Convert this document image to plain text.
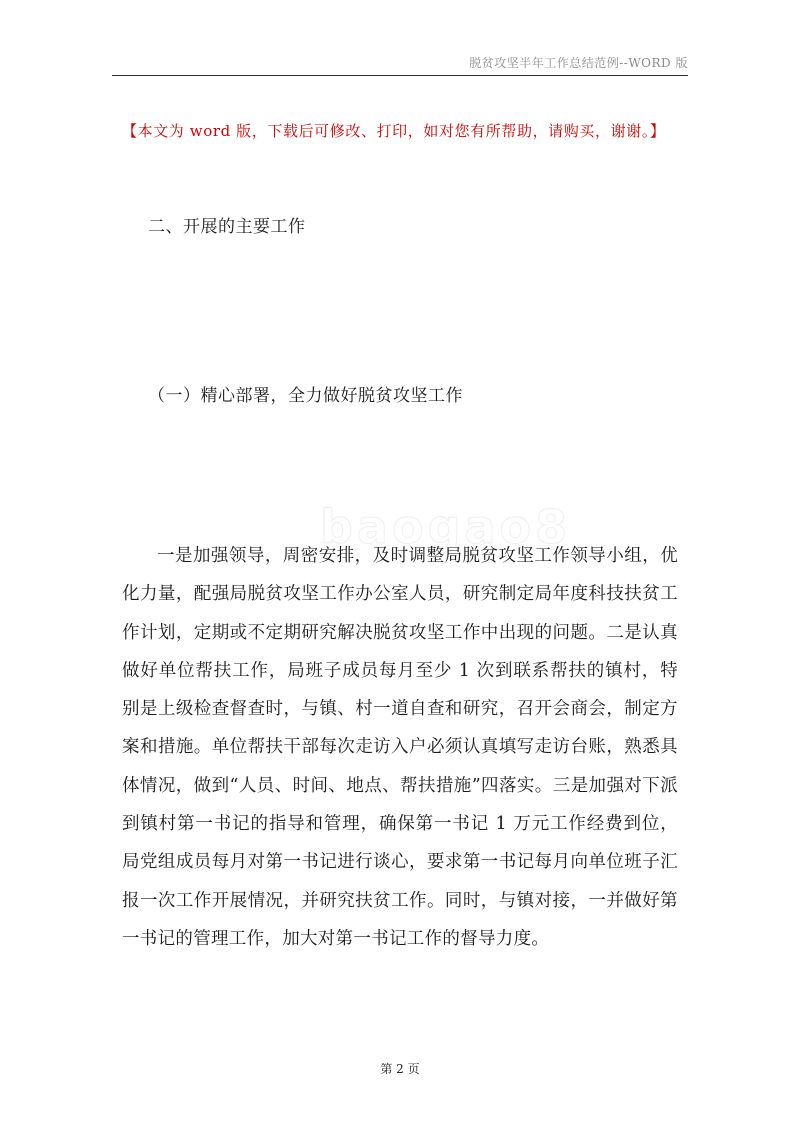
脱贫攻坚半年工作总结范例--WORD 版
【本文为 word 版，下载后可修改、打印，如对您有所帮助，请购买，谢谢。】
二、开展的主要工作
（一）精心部署，全力做好脱贫攻坚工作
baogao8

一是加强领导，周密安排，及时调整局脱贫攻坚工作领导小组，优化力量，配强局脱贫攻坚工作办公室人员，研究制定局年度科技扶贫工作计划，定期或不定期研究解决脱贫攻坚工作中出现的问题。二是认真做好单位帮扶工作，局班子成员每月至少 1 次到联系帮扶的镇村，特别是上级检查督查时，与镇、村一道自查和研究，召开会商会，制定方案和措施。单位帮扶干部每次走访入户必须认真填写走访台账，熟悉具体情况，做到“人员、时间、地点、帮扶措施”四落实。三是加强对下派到镇村第一书记的指导和管理，确保第一书记 1 万元工作经费到位，局党组成员每月对第一书记进行谈心，要求第一书记每月向单位班子汇报一次工作开展情况，并研究扶贫工作。同时，与镇对接，一并做好第一书记的管理工作，加大对第一书记工作的督导力度。

第 2 页
